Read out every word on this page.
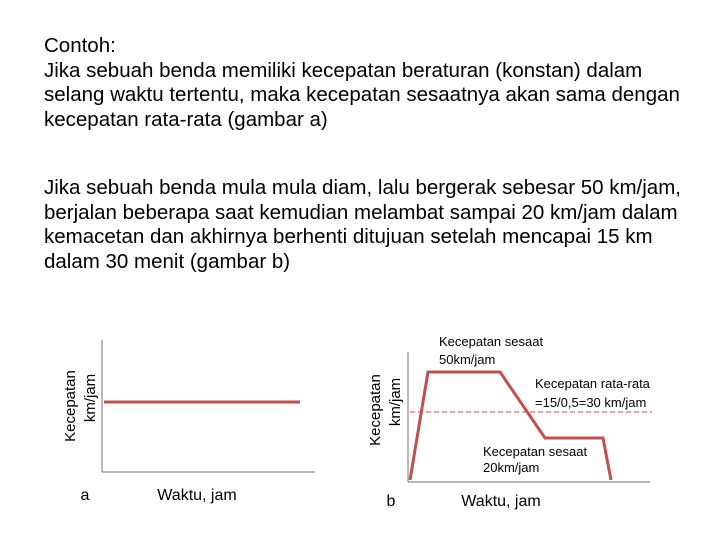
Contoh:
Jika sebuah benda memiliki kecepatan beraturan (konstan) dalam selang waktu tertentu, maka kecepatan sesaatnya akan sama dengan kecepatan rata-rata (gambar a)
Jika sebuah benda mula mula diam, lalu bergerak sebesar 50 km/jam, berjalan beberapa saat kemudian melambat sampai 20 km/jam dalam kemacetan dan akhirnya berhenti ditujuan setelah mencapai 15 km dalam 30 menit (gambar b)
Kecepatan km/jam
a	Waktu, jam
Kecepatan km/jam
Kecepatan sesaat
50km/jam
Kecepatan rata-rata
=15/0,5=30 km/jam
Kecepatan sesaat
20km/jam
b	Waktu, jam
